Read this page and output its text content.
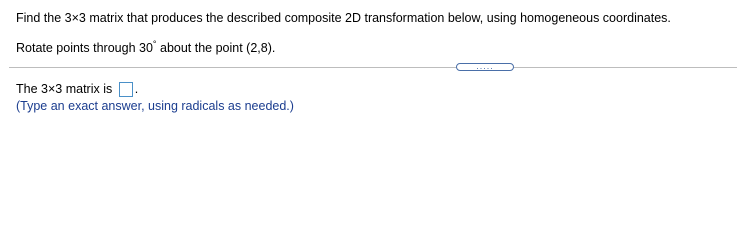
Find the 3×3 matrix that produces the described composite 2D transformation below, using homogeneous coordinates.
Rotate points through 30° about the point (2,8).
.....
The 3×3 matrix is .
(Type an exact answer, using radicals as needed.)
